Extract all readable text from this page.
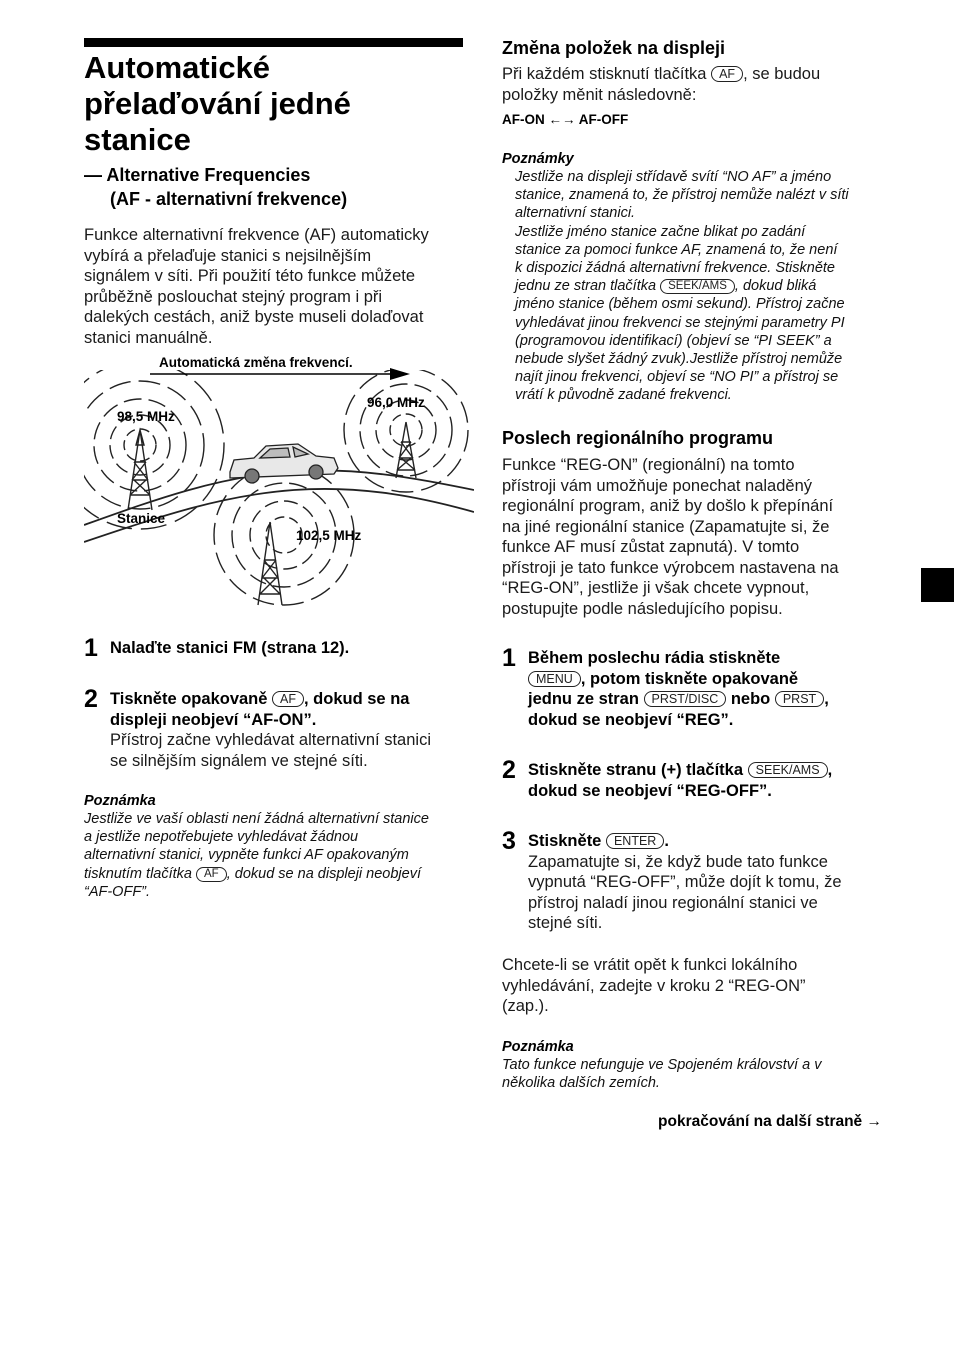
Automatické
přelaďování jedné
stanice
— Alternative Frequencies
(AF - alternativní frekvence)
Funkce alternativní frekvence (AF) automaticky
vybírá a přelaďuje stanici s nejsilnějším
signálem v síti. Při použití této funkce můžete
průběžně poslouchat stejný program i při
dalekých cestách, aniž byste museli dolaďovat
stanici manuálně.
Automatická změna frekvencí.
98,5 MHz
96,0 MHz
102,5 MHz
Stanice
1 Nalaďte stanici FM (strana 12).
2 Tiskněte opakovaně AF , dokud se na
displeji neobjeví “AF-ON”.
Přístroj začne vyhledávat alternativní stanici
se silnějším signálem ve stejné síti.
Poznámka
Jestliže ve vaší oblasti není žádná alternativní stanice
a jestliže nepotřebujete vyhledávat žádnou
alternativní stanici, vypněte funkci AF opakovaným
tisknutím tlačítka AF , dokud se na displeji neobjeví
“AF-OFF”.
Změna položek na displeji
Při každém stisknutí tlačítka AF , se budou
položky měnit následovně:
AF-ON ←→ AF-OFF
Poznámky
Jestliže na displeji střídavě svítí “NO AF” a jméno
stanice, znamená to, že přístroj nemůže nalézt v síti
alternativní stanici.
Jestliže jméno stanice začne blikat po zadání
stanice za pomoci funkce AF, znamená to, že není
k dispozici žádná alternativní frekvence. Stiskněte
jednu ze stran tlačítka SEEK/AMS , dokud bliká
jméno stanice (během osmi sekund). Přístroj začne
vyhledávat jinou frekvenci se stejnými parametry PI
(programovou identifikací) (objeví se “PI SEEK” a
nebude slyšet žádný zvuk).Jestliže přístroj nemůže
najít jinou frekvenci, objeví se “NO PI” a přístroj se
vrátí k původně zadané frekvenci.
Poslech regionálního programu
Funkce “REG-ON” (regionální) na tomto
přístroji vám umožňuje ponechat naladěný
regionální program, aniž by došlo k přepínání
na jiné regionální stanice (Zapamatujte si, že
funkce AF musí zůstat zapnutá). V tomto
přístroji je tato funkce výrobcem nastavena na
“REG-ON”, jestliže ji však chcete vypnout,
postupujte podle následujícího popisu.
1 Během poslechu rádia stiskněte
MENU , potom tiskněte opakovaně
jednu ze stran PRST/DISC nebo PRST ,
dokud se neobjeví “REG”.
2 Stiskněte stranu (+) tlačítka SEEK/AMS ,
dokud se neobjeví “REG-OFF”.
3 Stiskněte ENTER .
Zapamatujte si, že když bude tato funkce
vypnutá “REG-OFF”, může dojít k tomu, že
přístroj naladí jinou regionální stanici ve
stejné síti.
Chcete-li se vrátit opět k funkci lokálního
vyhledávání, zadejte v kroku 2 “REG-ON”
(zap.).
Poznámka
Tato funkce nefunguje ve Spojeném království a v
několika dalších zemích.
pokračování na další straně →
